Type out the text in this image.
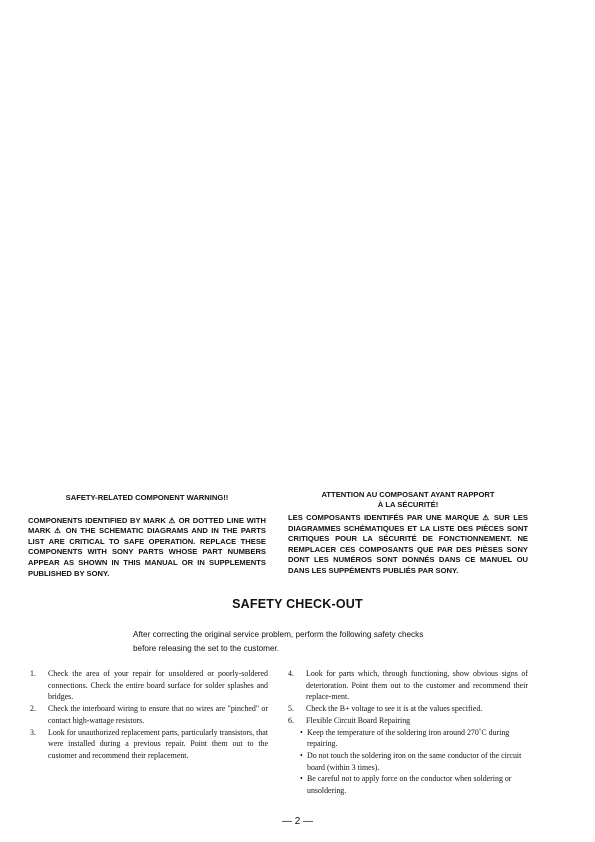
SAFETY-RELATED COMPONENT WARNING!!

COMPONENTS IDENTIFIED BY MARK ⚠ OR DOTTED LINE WITH MARK ⚠ ON THE SCHEMATIC DIAGRAMS AND IN THE PARTS LIST ARE CRITICAL TO SAFE OPERATION. REPLACE THESE COMPONENTS WITH SONY PARTS WHOSE PART NUMBERS APPEAR AS SHOWN IN THIS MANUAL OR IN SUPPLEMENTS PUBLISHED BY SONY.

ATTENTION AU COMPOSANT AYANT RAPPORT
À LA SÉCURITÉ!

LES COMPOSANTS IDENTIFÉS PAR UNE MARQUE ⚠ SUR LES DIAGRAMMES SCHÉMATIQUES ET LA LISTE DES PIÈCES SONT CRITIQUES POUR LA SÉCURITÉ DE FONCTIONNEMENT. NE REMPLACER CES COMPOSANTS QUE PAR DES PIÈSES SONY DONT LES NUMÉROS SONT DONNÉS DANS CE MANUEL OU DANS LES SUPPÉMENTS PUBLIÉS PAR SONY.

SAFETY CHECK-OUT
After correcting the original service problem, perform the following safety checks before releasing the set to the customer.
1.	Check the area of your repair for unsoldered or poorly-soldered connections. Check the entire board surface for solder splashes and bridges.
2.	Check the interboard wiring to ensure that no wires are "pinched" or contact high-wattage resistors.
3.	Look for unauthorized replacement parts, particularly transistors, that were installed during a previous repair. Point them out to the customer and recommend their replacement.
4.	Look for parts which, through functioning, show obvious signs of deterioration. Point them out to the customer and recommend their replace-ment.
5.	Check the B+ voltage to see it is at the values specified.
6.	Flexible Circuit Board Repairing
• Keep the temperature of the soldering iron around 270˚C during repairing.
• Do not touch the soldering iron on the same conductor of the circuit board (within 3 times).
• Be careful not to apply force on the conductor when soldering or unsoldering.
— 2 —
